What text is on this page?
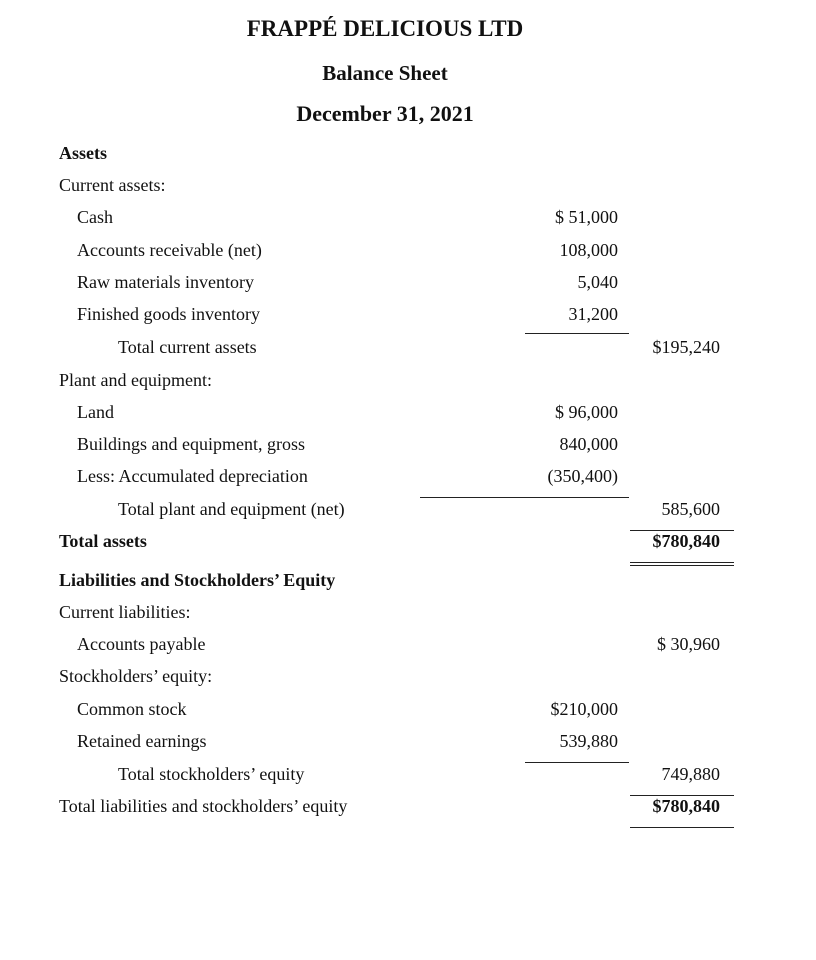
FRAPPÉ DELICIOUS LTD
Balance Sheet
December 31, 2021
Assets
Current assets:
Cash	$ 51,000
Accounts receivable (net)	108,000
Raw materials inventory	5,040
Finished goods inventory	31,200
Total current assets	$195,240
Plant and equipment:
Land	$ 96,000
Buildings and equipment, gross	840,000
Less: Accumulated depreciation	(350,400)
Total plant and equipment (net)	585,600
Total assets	$780,840
Liabilities and Stockholders’ Equity
Current liabilities:
Accounts payable	$ 30,960
Stockholders’ equity:
Common stock	$210,000
Retained earnings	539,880
Total stockholders’ equity	749,880
Total liabilities and stockholders’ equity	$780,840
